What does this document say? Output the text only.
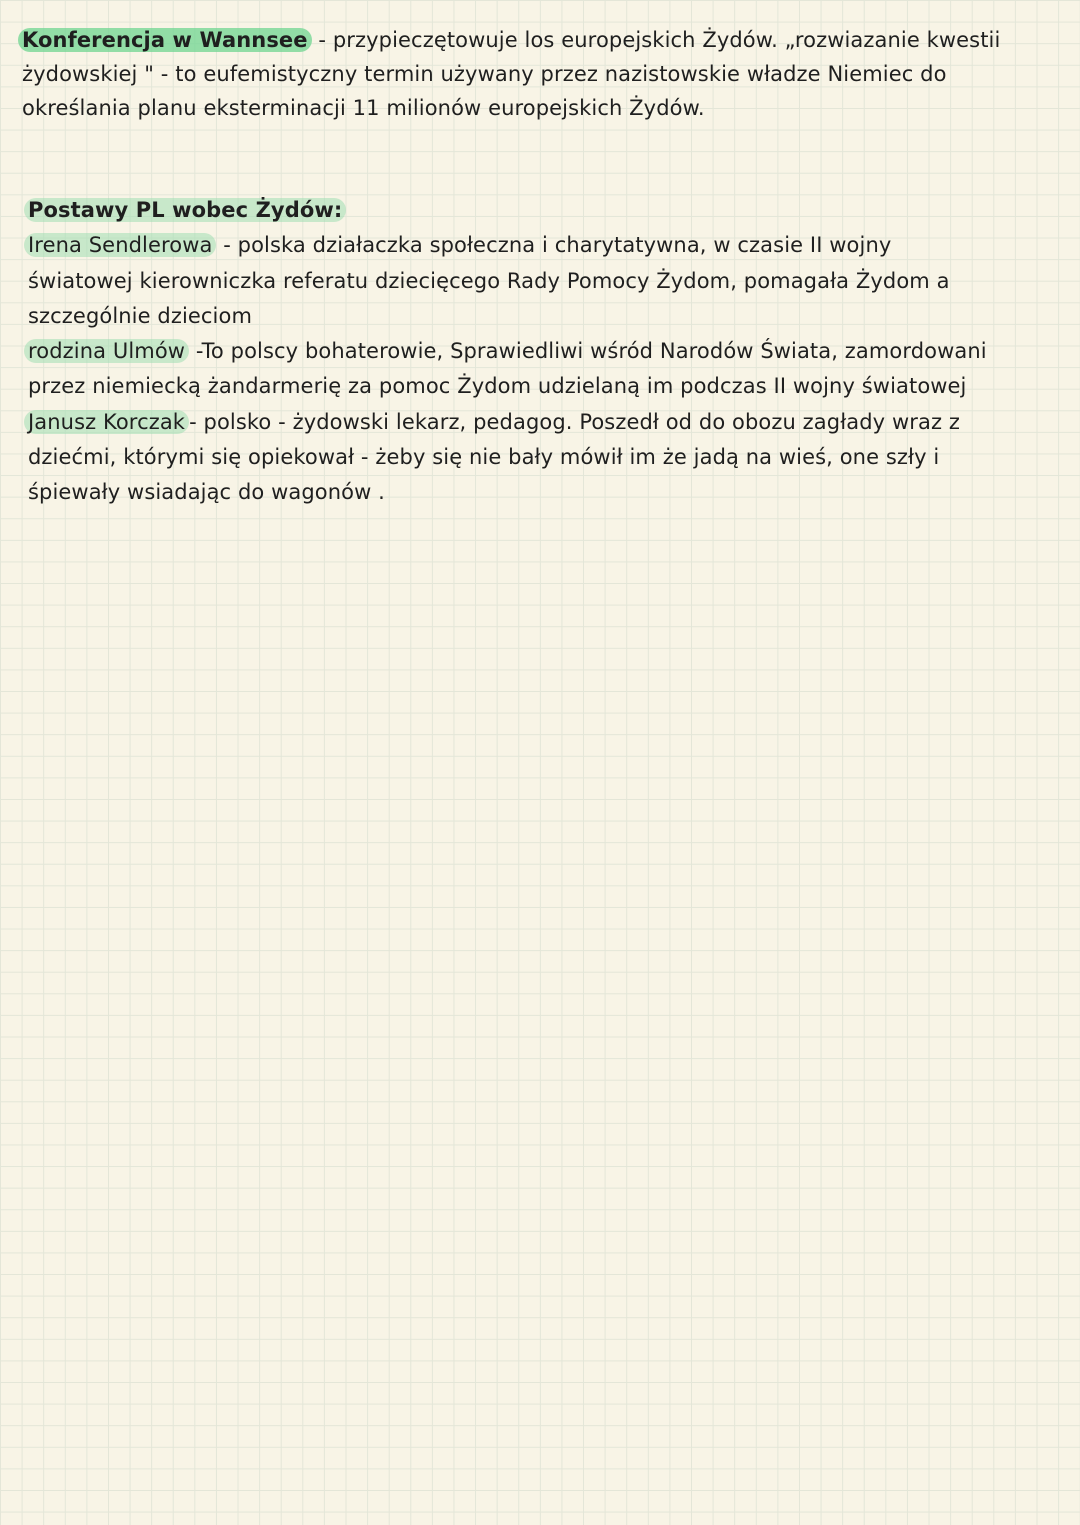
Konferencja w Wannsee - przypieczętowuje los europejskich Żydów. „rozwiazanie kwestii
żydowskiej " - to eufemistyczny termin używany przez nazistowskie władze Niemiec do
określania planu eksterminacji 11 milionów europejskich Żydów.
Postawy PL wobec Żydów:
Irena Sendlerowa - polska działaczka społeczna i charytatywna, w czasie II wojny
światowej kierowniczka referatu dziecięcego Rady Pomocy Żydom, pomagała Żydom a
szczególnie dzieciom
rodzina Ulmów -To polscy bohaterowie, Sprawiedliwi wśród Narodów Świata, zamordowani
przez niemiecką żandarmerię za pomoc Żydom udzielaną im podczas II wojny światowej
Janusz Korczak - polsko - żydowski lekarz, pedagog. Poszedł od do obozu zagłady wraz z
dziećmi, którymi się opiekował - żeby się nie bały mówił im że jadą na wieś, one szły i
śpiewały wsiadając do wagonów .
